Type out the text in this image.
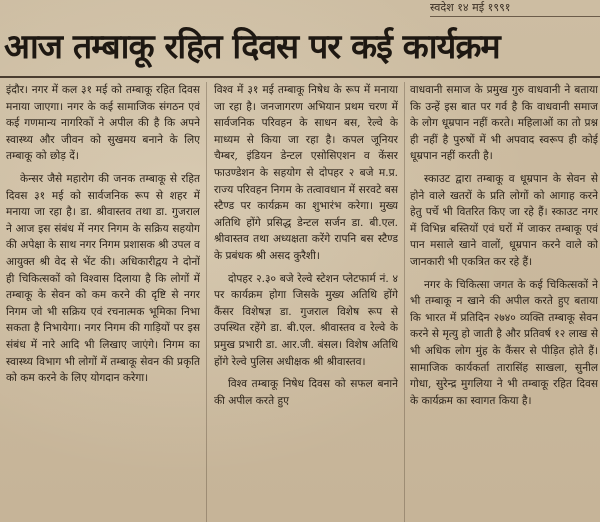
स्वदेश १४ मई १९९१
आज तम्बाकू रहित दिवस पर कई कार्यक्रम

इंदौर। नगर में कल ३१ मई को तम्बाकू रहित दिवस मनाया जाएगा। नगर के कई सामाजिक संगठन एवं कई गणमान्य नागरिकों ने अपील की है कि अपने स्वास्थ्य और जीवन को सुखमय बनाने के लिए तम्बाकू को छोड़ दें।

केन्सर जैसे महारोग की जनक तम्बाकू से रहित दिवस ३१ मई को सार्वजनिक रूप से शहर में मनाया जा रहा है। डा. श्रीवास्तव तथा डा. गुजराल ने आज इस संबंध में नगर निगम के सक्रिय सहयोग की अपेक्षा के साथ नगर निगम प्रशासक श्री उपल व आयुक्त श्री वेद से भेंट की। अधिकारीद्वय ने दोनों ही चिकित्सकों को विश्वास दिलाया है कि लोगों में तम्बाकू के सेवन को कम करने की दृष्टि से नगर निगम जो भी सक्रिय एवं रचनात्मक भूमिका निभा सकता है निभायेगा। नगर निगम की गाड़ियों पर इस संबंध में नारे आदि भी लिखाए जाएंगे। निगम का स्वास्थ्य विभाग भी लोगों में तम्बाकू सेवन की प्रकृति को कम करने के लिए योगदान करेगा।

विश्व में ३१ मई तम्बाकू निषेध के रूप में मनाया जा रहा है। जनजागरण अभियान प्रथम चरण में सार्वजनिक परिवहन के साधन बस, रेल्वे के माध्यम से किया जा रहा है। कपल जूनियर चैम्बर, इंडियन डेन्टल एसोसिएशन व केंसर फाउण्डेशन के सहयोग से दोपहर २ बजे म.प्र. राज्य परिवहन निगम के तत्वावधान में सरवटे बस स्टैण्ड पर कार्यक्रम का शुभारंभ करेगा। मुख्य अतिथि होंगे प्रसिद्ध डेन्टल सर्जन डा. बी.एल. श्रीवास्तव तथा अध्यक्षता करेंगे रापनि बस स्टैण्ड के प्रबंधक श्री असद कुरैशी।

दोपहर २.३० बजे रेल्वे स्टेशन प्लेटफार्म नं. ४ पर कार्यक्रम होगा जिसके मुख्य अतिथि होंगे कैंसर विशेषज्ञ डा. गुजराल विशेष रूप से उपस्थित रहेंगे डा. बी.एल. श्रीवास्तव व रेल्वे के प्रमुख प्रभारी डा. आर.जी. बंसल। विशेष अतिथि होंगे रेल्वे पुलिस अधीक्षक श्री श्रीवास्तव।

विश्व तम्बाकू निषेध दिवस को सफल बनाने की अपील करते हुए

वाधवानी समाज के प्रमुख गुरु वाधवानी ने बताया कि उन्हें इस बात पर गर्व है कि वाधवानी समाज के लोग धूम्रपान नहीं करते। महिलाओं का तो प्रश्न ही नहीं है पुरुषों में भी अपवाद स्वरूप ही कोई धूम्रपान नहीं करती है।

स्काउट द्वारा तम्बाकू व धूम्रपान के सेवन से होने वाले खतरों के प्रति लोगों को आगाह करने हेतु पर्चे भी वितरित किए जा रहे हैं। स्काउट नगर में विभिन्न बस्तियों एवं घरों में जाकर तम्बाकू एवं पान मसाले खाने वालों, धूम्रपान करने वाले को जानकारी भी एकत्रित कर रहे हैं।

नगर के चिकित्सा जगत के कई चिकित्सकों ने भी तम्बाकू न खाने की अपील करते हुए बताया कि भारत में प्रतिदिन २७४० व्यक्ति तम्बाकू सेवन करने से मृत्यु हो जाती है और प्रतिवर्ष १२ लाख से भी अधिक लोग मुंह के कैंसर से पीड़ित होते हैं। सामाजिक कार्यकर्ता तारासिंह साखला, सुनील गोधा, सुरेन्द्र मुगलिया ने भी तम्बाकू रहित दिवस के कार्यक्रम का स्वागत किया है।
